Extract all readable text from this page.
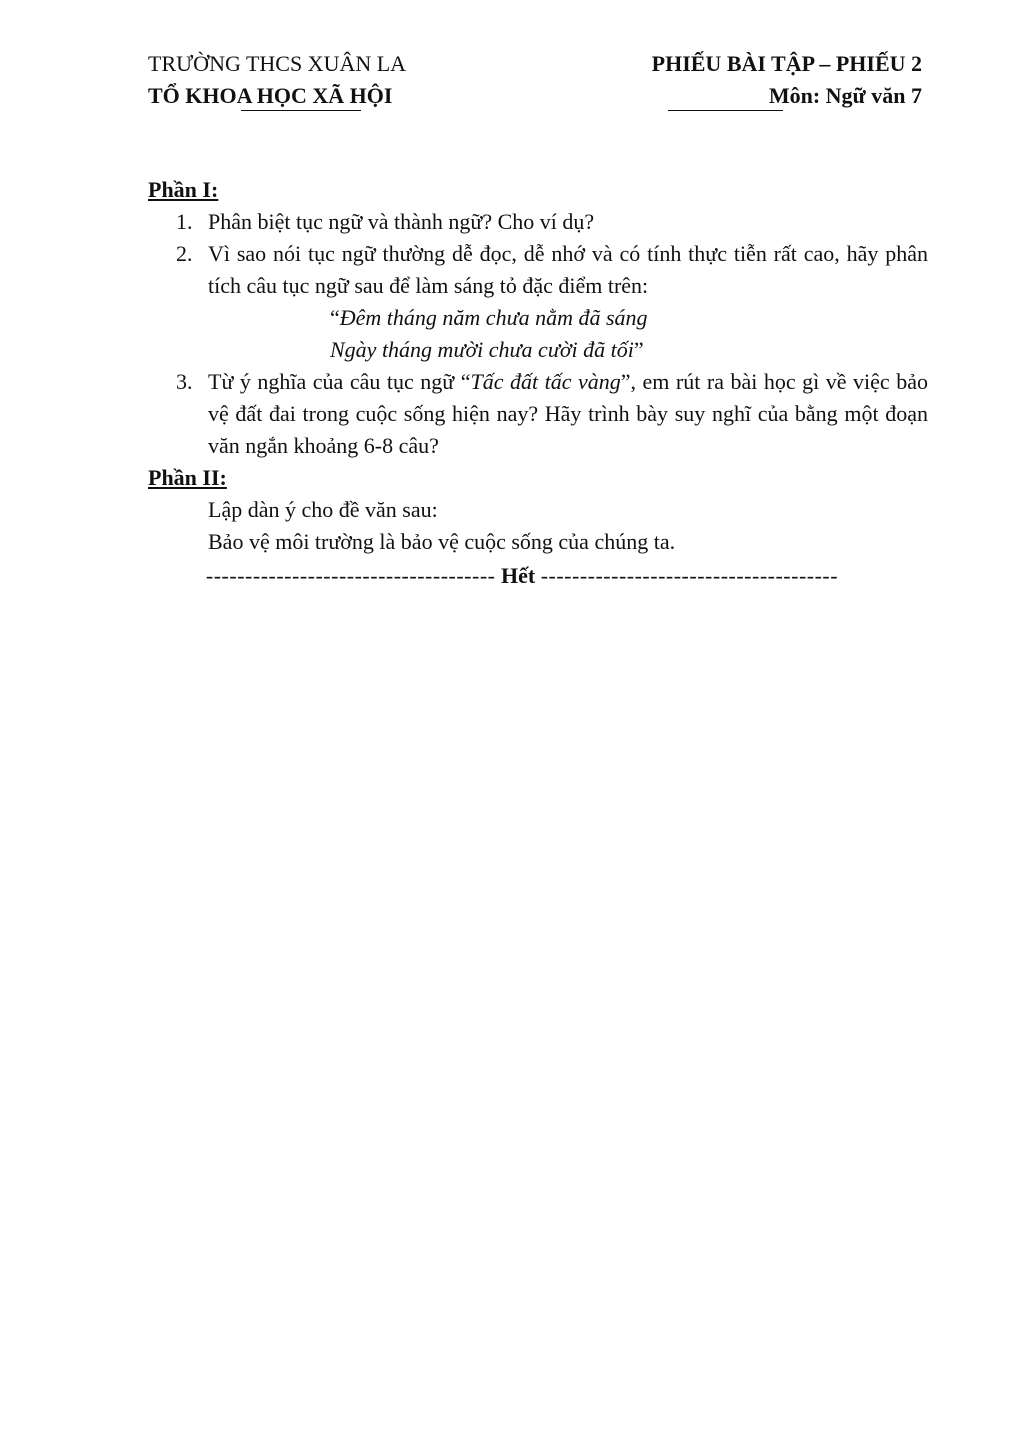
TRƯỜNG THCS XUÂN LA
TỔ KHOA HỌC XÃ HỘI
PHIẾU BÀI TẬP – PHIẾU 2
Môn: Ngữ văn 7

Phần I:

1. Phân biệt tục ngữ và thành ngữ? Cho ví dụ?
2. Vì sao nói tục ngữ thường dễ đọc, dễ nhớ và có tính thực tiễn rất cao, hãy phân tích câu tục ngữ sau để làm sáng tỏ đặc điểm trên:
“Đêm tháng năm chưa nằm đã sáng
Ngày tháng mười chưa cười đã tối”
3. Từ ý nghĩa của câu tục ngữ “Tấc đất tấc vàng”, em rút ra bài học gì về việc bảo vệ đất đai trong cuộc sống hiện nay? Hãy trình bày suy nghĩ của bằng một đoạn văn ngắn khoảng 6-8 câu?

Phần II:

Lập dàn ý cho đề văn sau:
Bảo vệ môi trường là bảo vệ cuộc sống của chúng ta.
------------------------------------- Hết --------------------------------------
